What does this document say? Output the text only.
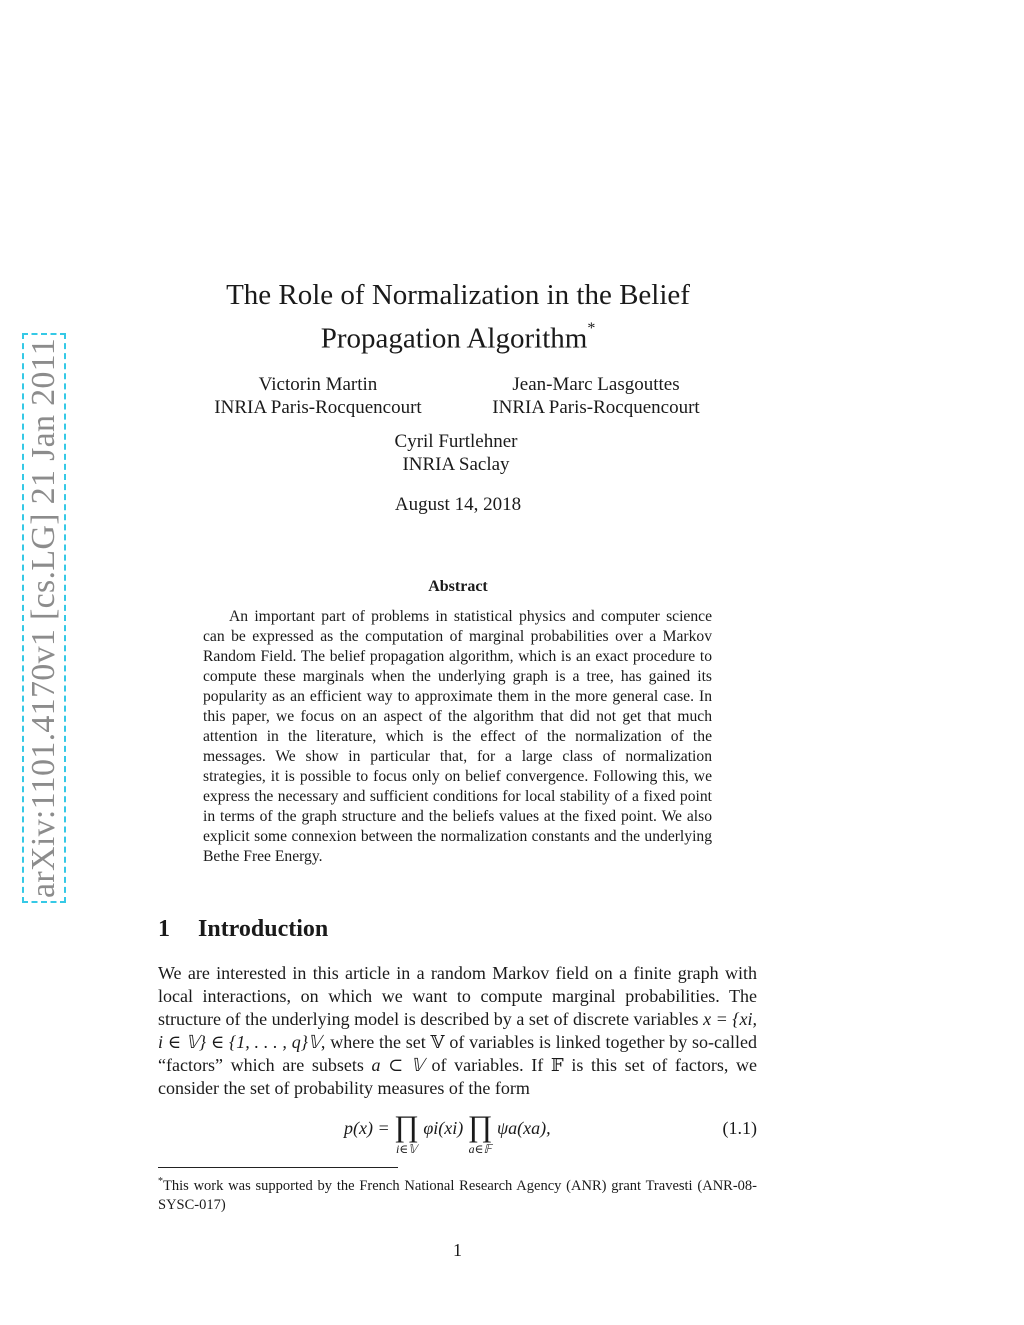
arXiv:1101.4170v1 [cs.LG] 21 Jan 2011
The Role of Normalization in the Belief
Propagation Algorithm*
Victorin Martin
INRIA Paris-Rocquencourt
Jean-Marc Lasgouttes
INRIA Paris-Rocquencourt
Cyril Furtlehner
INRIA Saclay
August 14, 2018
Abstract

An important part of problems in statistical physics and computer science can be expressed as the computation of marginal probabilities over a Markov Random Field. The belief propagation algorithm, which is an exact procedure to compute these marginals when the underlying graph is a tree, has gained its popularity as an efficient way to approximate them in the more general case. In this paper, we focus on an aspect of the algorithm that did not get that much attention in the literature, which is the effect of the normalization of the messages. We show in particular that, for a large class of normalization strategies, it is possible to focus only on belief convergence. Following this, we express the necessary and sufficient conditions for local stability of a fixed point in terms of the graph structure and the beliefs values at the fixed point. We also explicit some connexion between the normalization constants and the underlying Bethe Free Energy.

1 Introduction

We are interested in this article in a random Markov field on a finite graph with local interactions, on which we want to compute marginal probabilities. The structure of the underlying model is described by a set of discrete variables x = {xi, i ∈ 𝕍} ∈ {1, . . . , q}𝕍, where the set 𝕍 of variables is linked together by so-called “factors” which are subsets a ⊂ 𝕍 of variables. If 𝔽 is this set of factors, we consider the set of probability measures of the form

p(x) = ∏
i∈𝕍
φi(xi) ∏
a∈𝔽
ψa(xa),	(1.1)

*This work was supported by the French National Research Agency (ANR) grant Travesti (ANR-08-SYSC-017)

1
